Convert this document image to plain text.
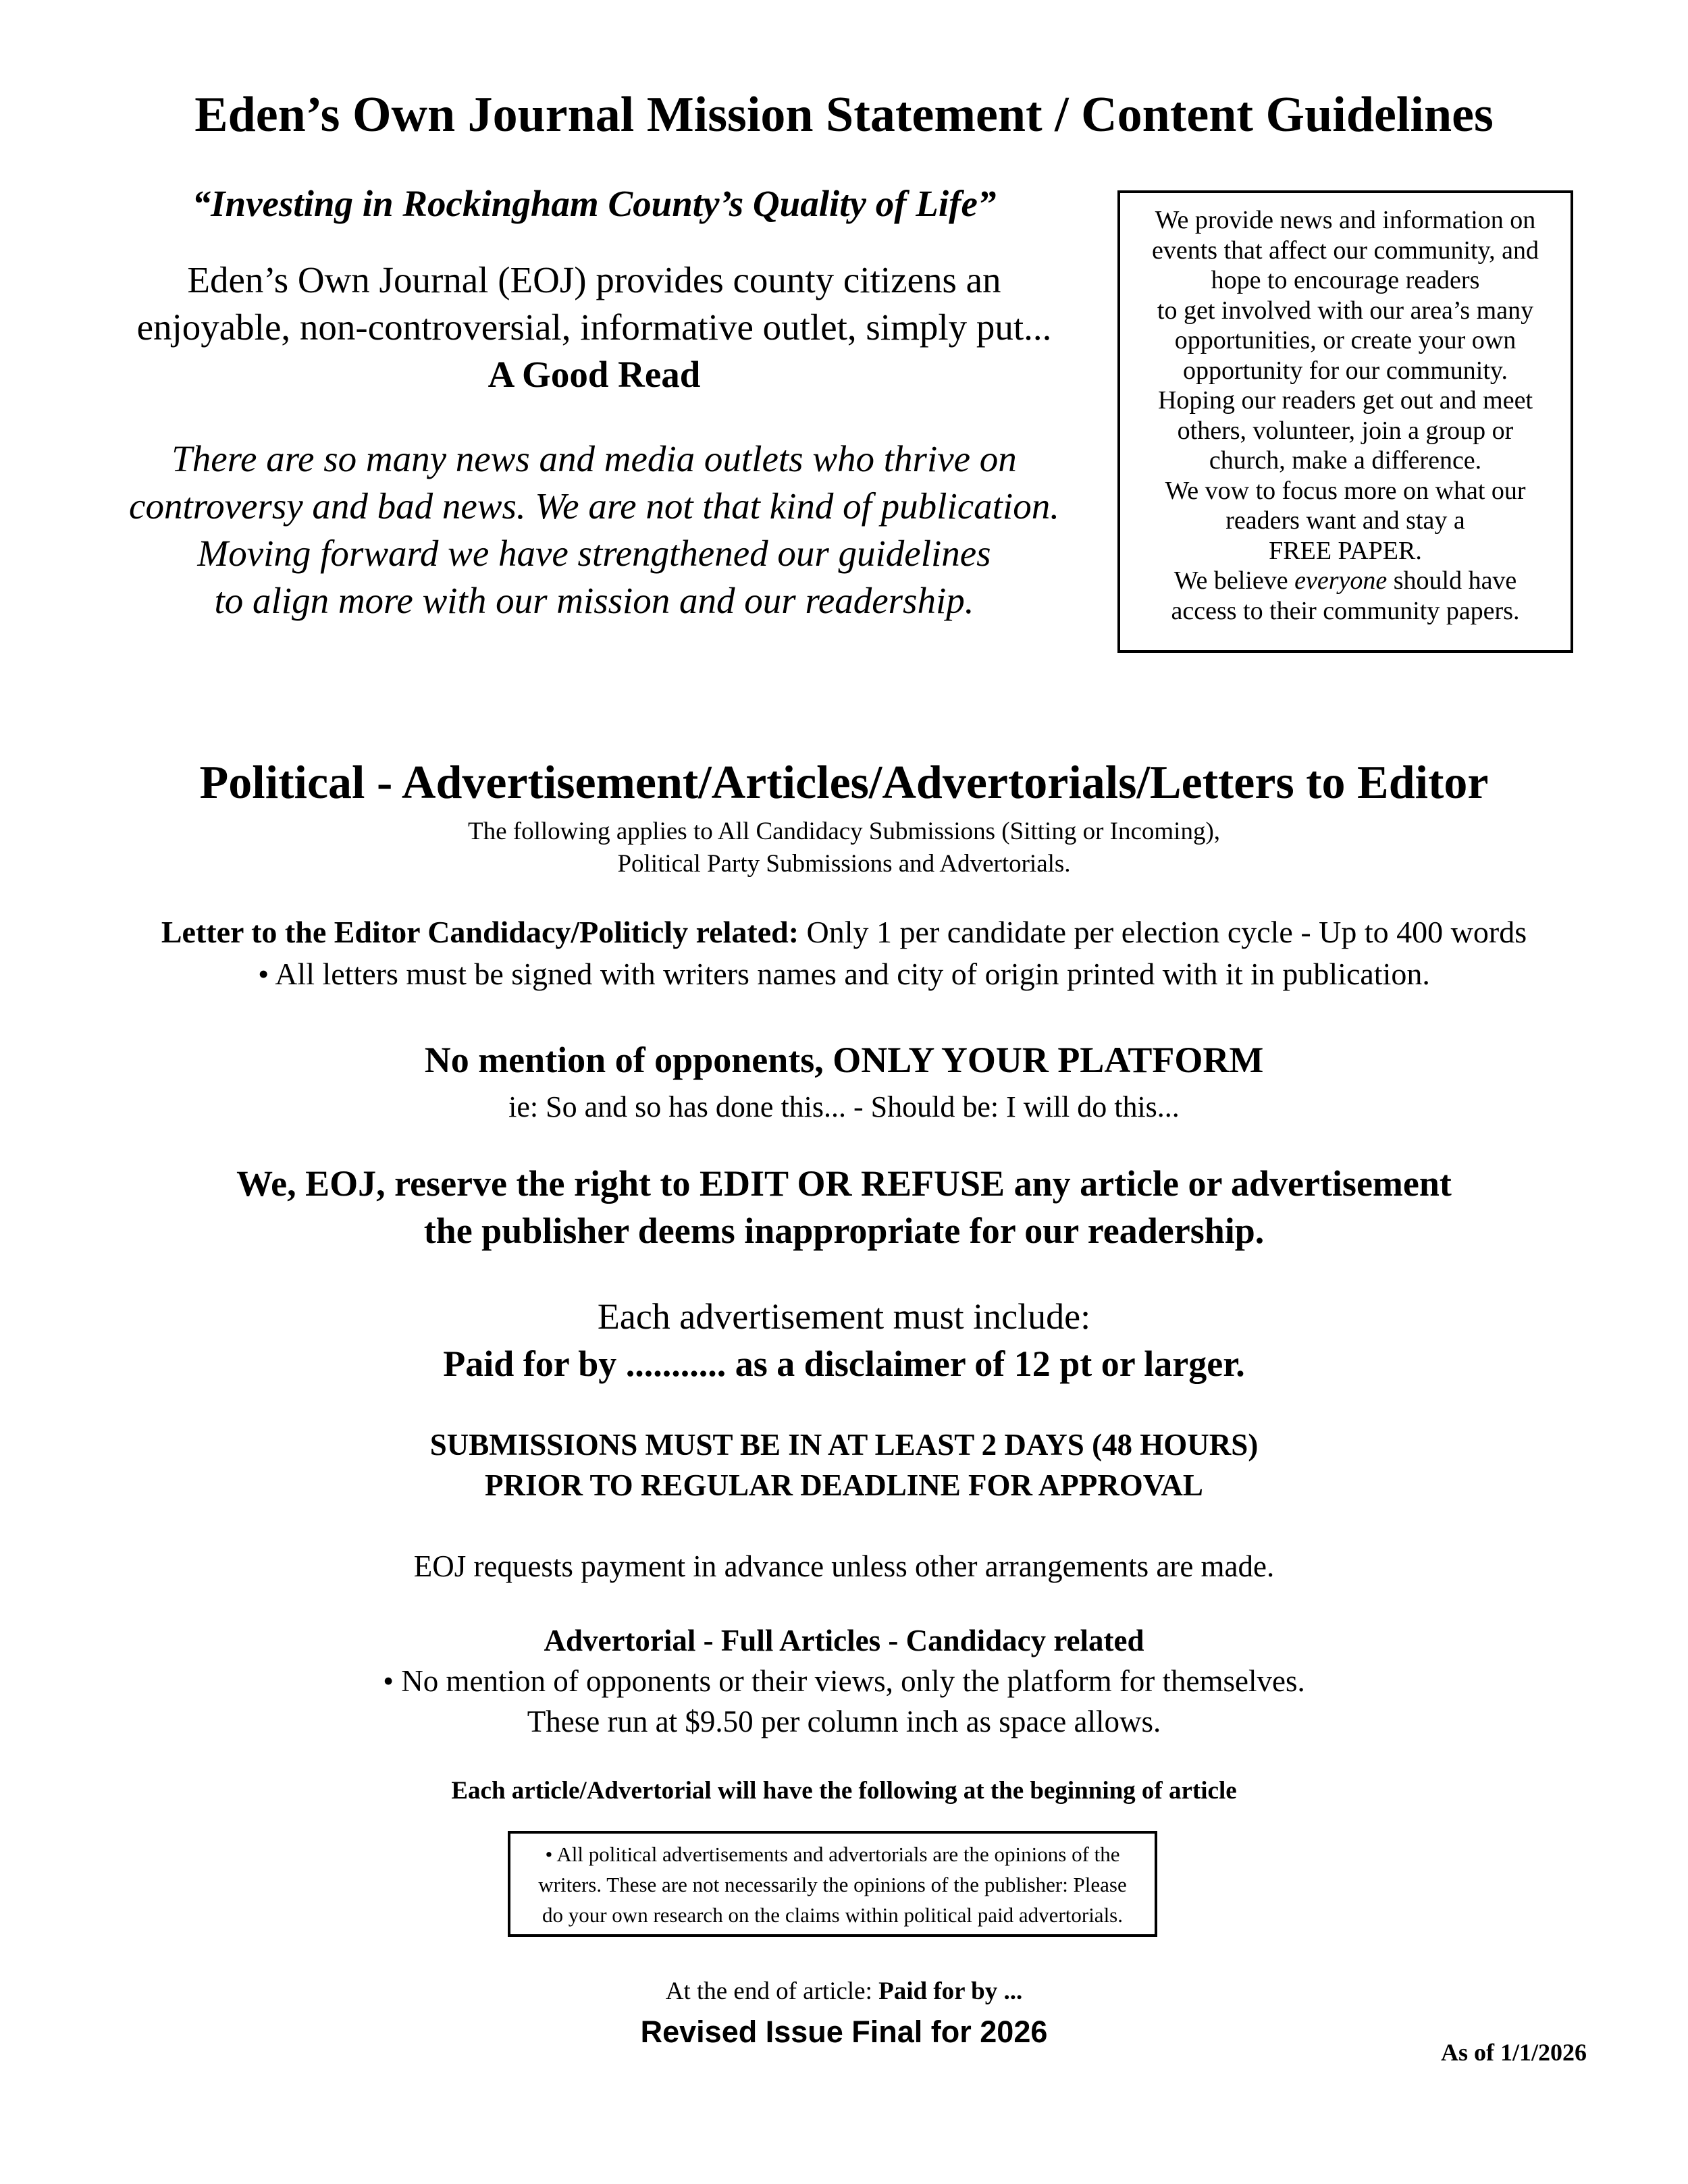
Eden’s Own Journal Mission Statement / Content Guidelines
“Investing in Rockingham County’s Quality of Life”
Eden’s Own Journal (EOJ) provides county citizens an
enjoyable, non-controversial, informative outlet, simply put...
A Good Read
There are so many news and media outlets who thrive on
controversy and bad news. We are not that kind of publication.
Moving forward we have strengthened our guidelines
to align more with our mission and our readership.
We provide news and information on
events that affect our community, and
hope to encourage readers
to get involved with our area’s many
opportunities, or create your own
opportunity for our community.
Hoping our readers get out and meet
others, volunteer, join a group or
church, make a difference.
We vow to focus more on what our
readers want and stay a
FREE PAPER.
We believe everyone should have
access to their community papers.
Political - Advertisement/Articles/Advertorials/Letters to Editor
The following applies to All Candidacy Submissions (Sitting or Incoming),
Political Party Submissions and Advertorials.
Letter to the Editor Candidacy/Politicly related: Only 1 per candidate per election cycle - Up to 400 words
• All letters must be signed with writers names and city of origin printed with it in publication.
No mention of opponents, ONLY YOUR PLATFORM
ie: So and so has done this... - Should be: I will do this...
We, EOJ, reserve the right to EDIT OR REFUSE any article or advertisement
the publisher deems inappropriate for our readership.
Each advertisement must include:
Paid for by ........... as a disclaimer of 12 pt or larger.
SUBMISSIONS MUST BE IN AT LEAST 2 DAYS (48 HOURS)
PRIOR TO REGULAR DEADLINE FOR APPROVAL
EOJ requests payment in advance unless other arrangements are made.
Advertorial - Full Articles - Candidacy related
• No mention of opponents or their views, only the platform for themselves.
These run at $9.50 per column inch as space allows.
Each article/Advertorial will have the following at the beginning of article
• All political advertisements and advertorials are the opinions of the
writers. These are not necessarily the opinions of the publisher: Please
do your own research on the claims within political paid advertorials.
At the end of article: Paid for by ...
Revised Issue Final for 2026
As of 1/1/2026
